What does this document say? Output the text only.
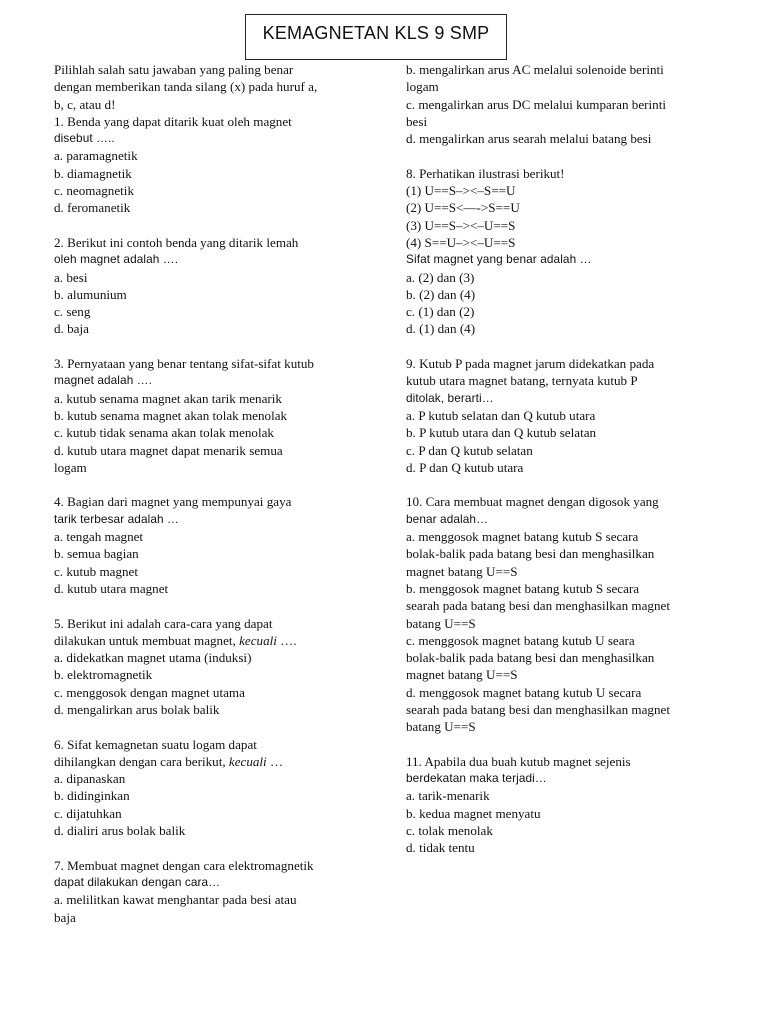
KEMAGNETAN KLS 9 SMP
Pilihlah salah satu jawaban yang paling benar
dengan memberikan tanda silang (x) pada huruf a,
b, c, atau d!
1. Benda yang dapat ditarik kuat oleh magnet
disebut …..
a. paramagnetik
b. diamagnetik
c. neomagnetik
d. feromanetik
2. Berikut ini contoh benda yang ditarik lemah
oleh magnet adalah ….
a. besi
b. alumunium
c. seng
d. baja
3. Pernyataan yang benar tentang sifat-sifat kutub
magnet adalah ….
a. kutub senama magnet akan tarik menarik
b. kutub senama magnet akan tolak menolak
c. kutub tidak senama akan tolak menolak
d. kutub utara magnet dapat menarik semua
logam
4. Bagian dari magnet yang mempunyai gaya
tarik terbesar adalah …
a. tengah magnet
b. semua bagian
c. kutub magnet
d. kutub utara magnet
5. Berikut ini adalah cara-cara yang dapat
dilakukan untuk membuat magnet, kecuali ….
a. didekatkan magnet utama (induksi)
b. elektromagnetik
c. menggosok dengan magnet utama
d. mengalirkan arus bolak balik
6. Sifat kemagnetan suatu logam dapat
dihilangkan dengan cara berikut, kecuali …
a. dipanaskan
b. didinginkan
c. dijatuhkan
d. dialiri arus bolak balik
7. Membuat magnet dengan cara elektromagnetik
dapat dilakukan dengan cara…
a. melilitkan kawat menghantar pada besi atau
baja
b. mengalirkan arus AC melalui solenoide berinti
logam
c. mengalirkan arus DC melalui kumparan berinti
besi
d. mengalirkan arus searah melalui batang besi
8. Perhatikan ilustrasi berikut!
(1) U==S–><–S==U
(2) U==S<—->S==U
(3) U==S–><–U==S
(4) S==U–><–U==S
Sifat magnet yang benar adalah …
a. (2) dan (3)
b. (2) dan (4)
c. (1) dan (2)
d. (1) dan (4)
9. Kutub P pada magnet jarum didekatkan pada
kutub utara magnet batang, ternyata kutub P
ditolak, berarti…
a. P kutub selatan dan Q kutub utara
b. P kutub utara dan Q kutub selatan
c. P dan Q kutub selatan
d. P dan Q kutub utara
10. Cara membuat magnet dengan digosok yang
benar adalah…
a. menggosok magnet batang kutub S secara
bolak-balik pada batang besi dan menghasilkan
magnet batang U==S
b. menggosok magnet batang kutub S secara
searah pada batang besi dan menghasilkan magnet
batang U==S
c. menggosok magnet batang kutub U seara
bolak-balik pada batang besi dan menghasilkan
magnet batang U==S
d. menggosok magnet batang kutub U secara
searah pada batang besi dan menghasilkan magnet
batang U==S
11. Apabila dua buah kutub magnet sejenis
berdekatan maka terjadi…
a. tarik-menarik
b. kedua magnet menyatu
c. tolak menolak
d. tidak tentu
